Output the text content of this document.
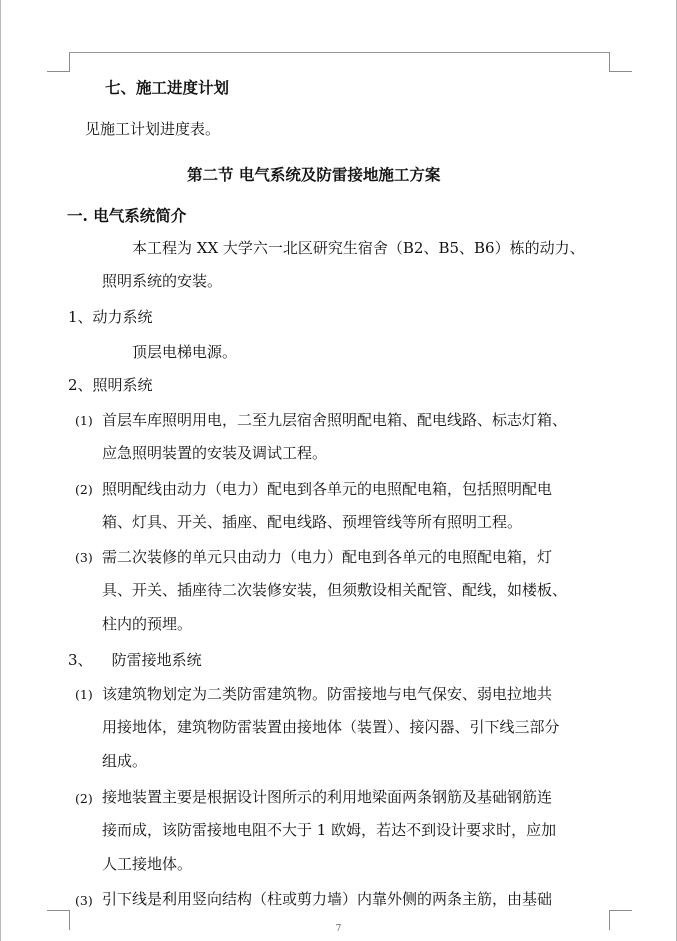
七、施工进度计划
见施工计划进度表。
第二节 电气系统及防雷接地施工方案
一. 电气系统简介
本工程为 XX 大学六一北区研究生宿舍（B2、B5、B6）栋的动力、
照明系统的安装。
1、动力系统
顶层电梯电源。
2、照明系统
(1) 首层车库照明用电，二至九层宿舍照明配电箱、配电线路、标志灯箱、
应急照明装置的安装及调试工程。
(2) 照明配线由动力（电力）配电到各单元的电照配电箱，包括照明配电
箱、灯具、开关、插座、配电线路、预埋管线等所有照明工程。
(3) 需二次装修的单元只由动力（电力）配电到各单元的电照配电箱，灯
具、开关、插座待二次装修安装，但须敷设相关配管、配线，如楼板、
柱内的预埋。
3、    防雷接地系统
(1) 该建筑物划定为二类防雷建筑物。防雷接地与电气保安、弱电拉地共
用接地体，建筑物防雷装置由接地体（装置）、接闪器、引下线三部分
组成。
(2) 接地装置主要是根据设计图所示的利用地梁面两条钢筋及基础钢筋连
接而成，该防雷接地电阻不大于 1 欧姆，若达不到设计要求时，应加
人工接地体。
(3) 引下线是利用竖向结构（柱或剪力墙）内靠外侧的两条主筋，由基础
7
